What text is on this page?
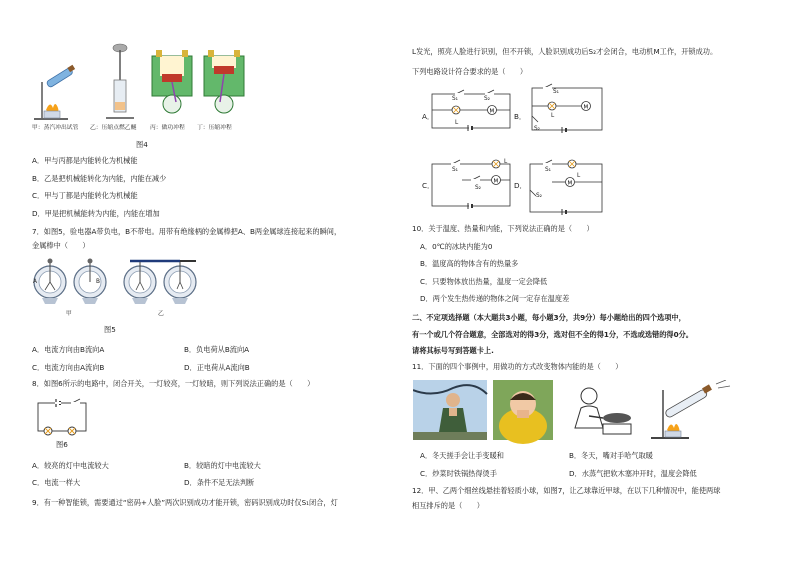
甲：蒸汽冲出试管 乙：压缩点燃乙醚 丙：做功冲程 丁：压缩冲程
图4
A．甲与丙都是内能转化为机械能
B．乙是把机械能转化为内能，内能在减少
C．甲与丁都是内能转化为机械能
D．甲是把机械能转为内能，内能在增加
7．如图5，验电器A带负电，B不带电。用带有绝缘柄的金属棒把A、B两金属球连接起来的瞬间，
金属棒中（　　）
A	B
甲	乙
图5
A．电流方向由B流向A	B．负电荷从B流向A
C．电流方向由A流向B	D．正电荷从A流向B
8．如图6所示的电路中，闭合开关，一灯较亮，一灯较暗，则下列说法正确的是（　　）
图6
A．较亮的灯中电流较大	B．较暗的灯中电流较大
C．电流一样大	D．条件不足无法判断
9．有一种智能锁，需要通过“密码+人脸”两次识别成功才能开锁，密码识别成功时仅S₁闭合，灯
L发光，照亮人脸进行识别，但不开锁，人脸识别成功后S₂才会闭合，电动机M工作，开锁成功。
下列电路设计符合要求的是（　　）
M
M
M	M
A．	B．
C．	D．
S₁	S₂
L
S₁
S₂
L
S₁
S₂
L
S₁
S₂
L
10．关于温度、热量和内能，下列说法正确的是（　　）
A．0℃的冰块内能为0
B．温度高的物体含有的热量多
C．只要物体放出热量，温度一定会降低
D．两个发生热传递的物体之间一定存在温度差
二、不定项选择题（本大题共3小题，每小题3分，共9分）每小题给出的四个选项中，
有一个或几个符合题意，全部选对的得3分，选对但不全的得1分，不选或选错的得0分。
请将其标号写到答题卡上.
11．下面的四个事例中，用做功的方式改变物体内能的是（　　）
A．冬天搓手会让手变暖和	B．冬天，嘴对手哈气取暖
C．炒菜时铁锅热得烫手	D．水蒸气把软木塞冲开时，温度会降低
12．甲、乙两个细丝线悬挂着轻质小球，如图7，让乙球靠近甲球，在以下几种情况中，能使两球
相互排斥的是（　　）
